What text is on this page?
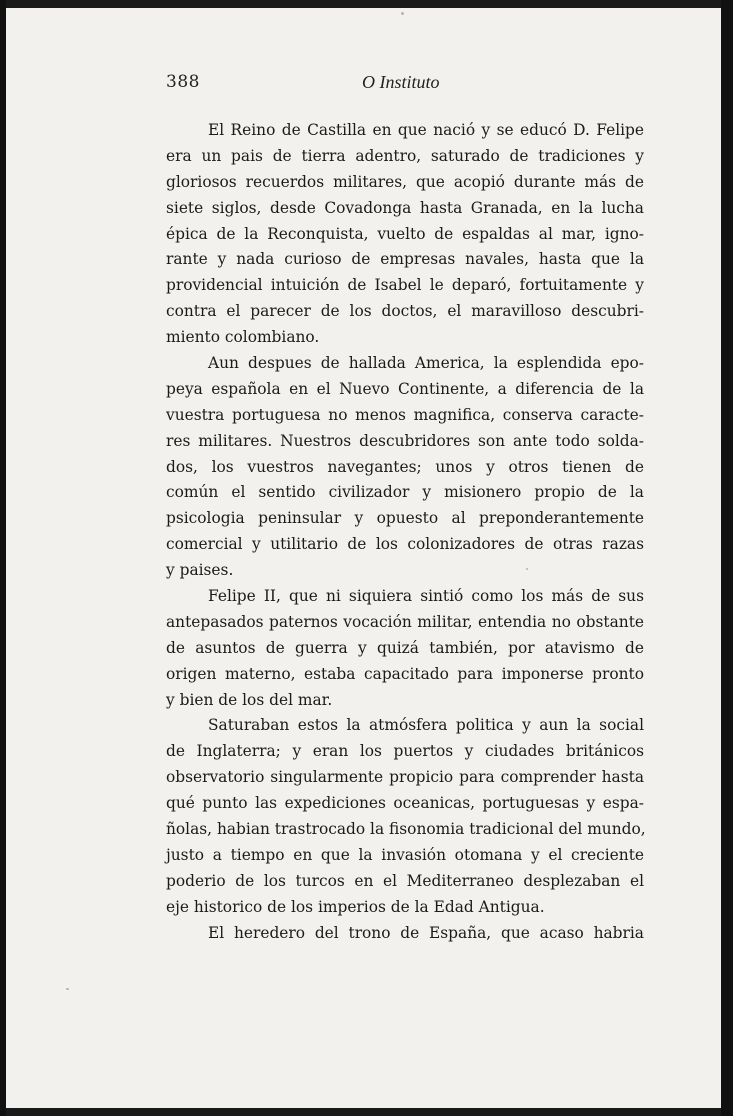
388	O Instituto
El Reino de Castilla en que nació y se educó D. Felipe
era un pais de tierra adentro, saturado de tradiciones y
gloriosos recuerdos militares, que acopió durante más de
siete siglos, desde Covadonga hasta Granada, en la lucha
épica de la Reconquista, vuelto de espaldas al mar, igno-
rante y nada curioso de empresas navales, hasta que la
providencial intuición de Isabel le deparó, fortuitamente y
contra el parecer de los doctos, el maravilloso descubri-
miento colombiano.
Aun despues de hallada America, la esplendida epo-
peya española en el Nuevo Continente, a diferencia de la
vuestra portuguesa no menos magnifica, conserva caracte-
res militares. Nuestros descubridores son ante todo solda-
dos, los vuestros navegantes; unos y otros tienen de
común el sentido civilizador y misionero propio de la
psicologia peninsular y opuesto al preponderantemente
comercial y utilitario de los colonizadores de otras razas
y paises.
Felipe II, que ni siquiera sintió como los más de sus
antepasados paternos vocación militar, entendia no obstante
de asuntos de guerra y quizá también, por atavismo de
origen materno, estaba capacitado para imponerse pronto
y bien de los del mar.
Saturaban estos la atmósfera politica y aun la social
de Inglaterra; y eran los puertos y ciudades británicos
observatorio singularmente propicio para comprender hasta
qué punto las expediciones oceanicas, portuguesas y espa-
ñolas, habian trastrocado la fisonomia tradicional del mundo,
justo a tiempo en que la invasión otomana y el creciente
poderio de los turcos en el Mediterraneo desplezaban el
eje historico de los imperios de la Edad Antigua.
El heredero del trono de España, que acaso habria
